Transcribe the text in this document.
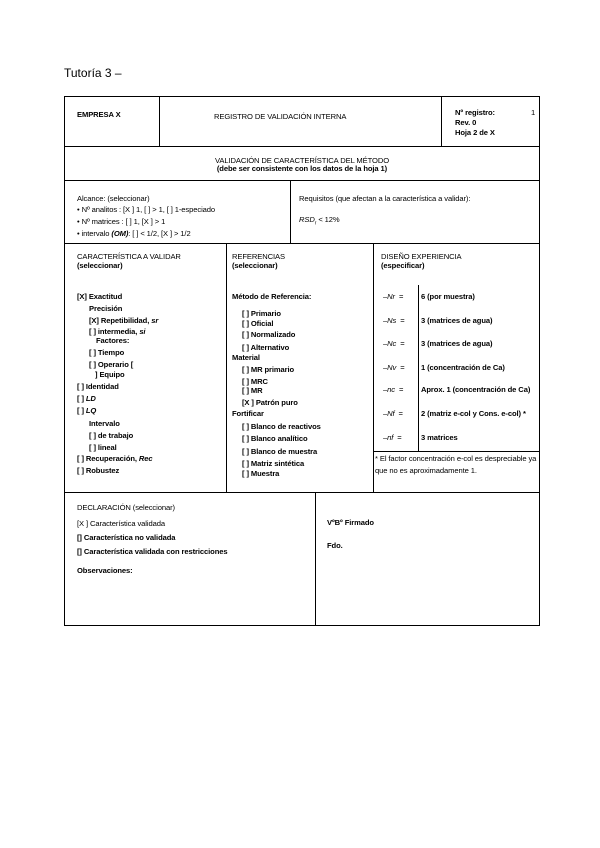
Tutoría 3 –
EMPRESA X	REGISTRO DE VALIDACIÓN INTERNA	Nº registro:	1
Rev. 0
Hoja 2 de X
VALIDACIÓN DE CARACTERÍSTICA DEL MÉTODO
(debe ser consistente con los datos de la hoja 1)
Alcance: (seleccionar)
• Nº analitos : [X ] 1, [ ] > 1, [ ] 1-especiado
• Nº matrices : [ ] 1, [X ] > 1
• intervalo (OM): [ ] < 1/2, [X ] > 1/2
Requisitos (que afectan a la característica a validar):
$RSD_r < 12\%$
CARACTERÍSTICA A VALIDAR
(seleccionar)
REFERENCIAS
(seleccionar)
DISEÑO EXPERIENCIA
(especificar)
[X] Exactitud
Precisión
[X] Repetibilidad, sr
[ ] intermedia, si
Factores:
[ ] Tiempo
[ ] Operario [
] Equipo
[ ] Identidad
[ ] LD
[ ] LQ
Intervalo
[ ] de trabajo
[ ] lineal
[ ] Recuperación, Rec
[ ] Robustez
Método de Referencia:
[ ] Primario
[ ] Oficial
[ ] Normalizado
[ ] Alternativo
Material
[ ] MR primario
[ ] MRC
[ ] MR
[X ] Patrón puro
Fortificar
[ ] Blanco de reactivos
[ ] Blanco analítico
[ ] Blanco de muestra
[ ] Matriz sintética
[ ] Muestra
–Nr = 6 (por muestra)
–Ns = 3 (matrices de agua)
–Nc = 3 (matrices de agua)
–Nv = 1 (concentración de Ca)
–nc = Aprox. 1 (concentración de Ca)
–Nf = 2 (matriz e-col y Cons. e-col) *
–nf =	3 matrices
* El factor concentración e-col es despreciable ya que no es aproximadamente 1.
DECLARACIÓN (seleccionar)
[X ] Característica validada
[] Característica no validada
[] Característica validada con restricciones
Observaciones:
VºBº Firmado
Fdo.
